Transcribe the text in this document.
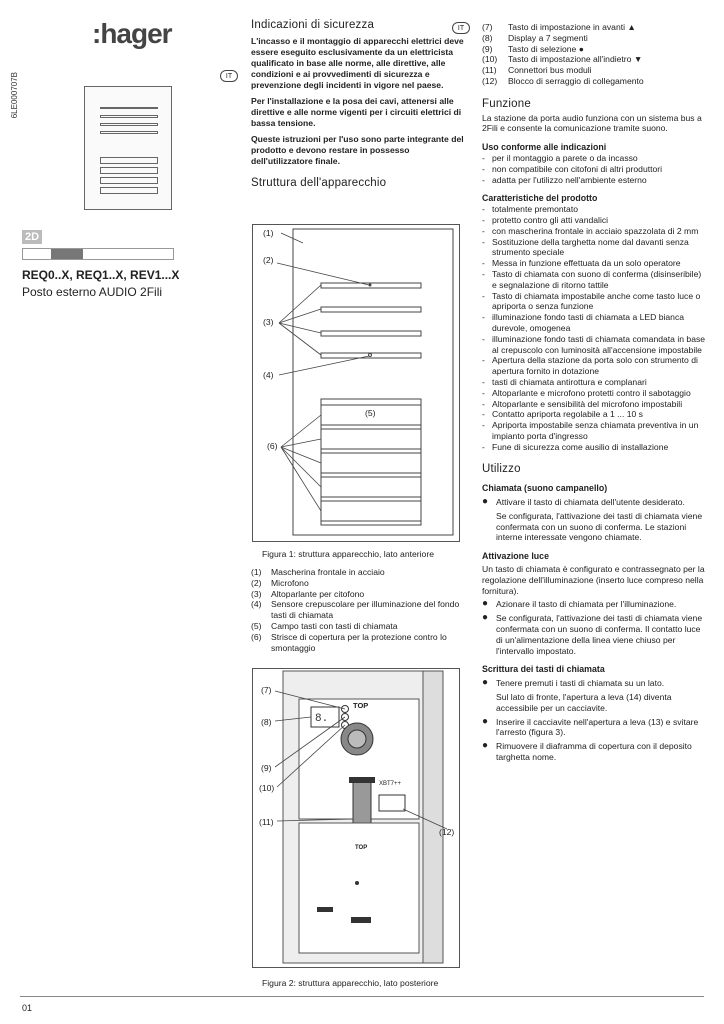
:hager
6LE000707B	IT
2D
REQ0..X, REQ1..X, REV1...X
Posto esterno AUDIO 2Fili
Indicazioni di sicurezza
L'incasso e il montaggio di apparecchi elettrici deve essere eseguito esclusivamente da un elettricista qualificato in base alle norme, alle direttive, alle condizioni e ai provvedimenti di sicurezza e prevenzione degli incidenti in vigore nel paese.
Per l'installazione e la posa dei cavi, attenersi alle direttive e alle norme vigenti per i circuiti elettrici di bassa tensione.
Queste istruzioni per l'uso sono parte integrante del prodotto e devono restare in possesso dell'utilizzatore finale.
Struttura dell'apparecchio
IT
(1)
(2)
(3)
(4)
(5)
(6)
Figura 1: struttura apparecchio, lato anteriore
(1)	Mascherina frontale in acciaio
(2)	Microfono
(3)	Altoparlante per citofono
(4)	Sensore crepuscolare per illuminazione del fondo tasti di chiamata
(5)	Campo tasti con tasti di chiamata
(6)	Strisce di copertura per la protezione contro lo smontaggio
8.
(7)
(8)
(9)
(10)
(11)
(12)
TOP
TOP
XBT7++
Figura 2: struttura apparecchio, lato posteriore
(7)	Tasto di impostazione in avanti ▲
(8)	Display a 7 segmenti
(9)	Tasto di selezione ●
(10)	Tasto di impostazione all'indietro ▼
(11)	Connettori bus moduli
(12)	Blocco di serraggio di collegamento
Funzione
La stazione da porta audio funziona con un sistema bus a 2Fili e consente la comunicazione tramite suono.
Uso conforme alle indicazioni
- per il montaggio a parete o da incasso
- non compatibile con citofoni di altri produttori
- adatta per l'utilizzo nell'ambiente esterno
Caratteristiche del prodotto
- totalmente premontato
- protetto contro gli atti vandalici
- con mascherina frontale in acciaio spazzolata di 2 mm
- Sostituzione della targhetta nome dal davanti senza strumento speciale
- Messa in funzione effettuata da un solo operatore
- Tasto di chiamata con suono di conferma (disinseribile) e segnalazione di ritorno tattile
- Tasto di chiamata impostabile anche come tasto luce o apriporta o senza funzione
- illuminazione fondo tasti di chiamata a LED bianca durevole, omogenea
- illuminazione fondo tasti di chiamata comandata in base al crepuscolo con luminosità all'accensione impostabile
- Apertura della stazione da porta solo con strumento di apertura fornito in dotazione
- tasti di chiamata antirottura e complanari
- Altoparlante e microfono protetti contro il sabotaggio
- Altoparlante e sensibilità del microfono impostabili
- Contatto apriporta regolabile a 1 ... 10 s
- Apriporta impostabile senza chiamata preventiva in un impianto porta d'ingresso
- Fune di sicurezza come ausilio di installazione
Utilizzo
Chiamata (suono campanello)
● Attivare il tasto di chiamata dell'utente desiderato.
Se configurata, l'attivazione dei tasti di chiamata viene confermata con un suono di conferma. Le stazioni interne interessate vengono chiamate.
Attivazione luce
Un tasto di chiamata è configurato e contrassegnato per la regolazione dell'illuminazione (inserto luce compreso nella fornitura).
● Azionare il tasto di chiamata per l'illuminazione.
● Se configurata, l'attivazione dei tasti di chiamata viene confermata con un suono di conferma. Il contatto luce di un'alimentazione della linea viene chiuso per l'intervallo impostato.
Scrittura dei tasti di chiamata
● Tenere premuti i tasti di chiamata su un lato.
Sul lato di fronte, l'apertura a leva (14) diventa accessibile per un cacciavite.
● Inserire il cacciavite nell'apertura a leva (13) e svitare l'arresto (figura 3).
● Rimuovere il diaframma di copertura con il deposito targhetta nome.
01
